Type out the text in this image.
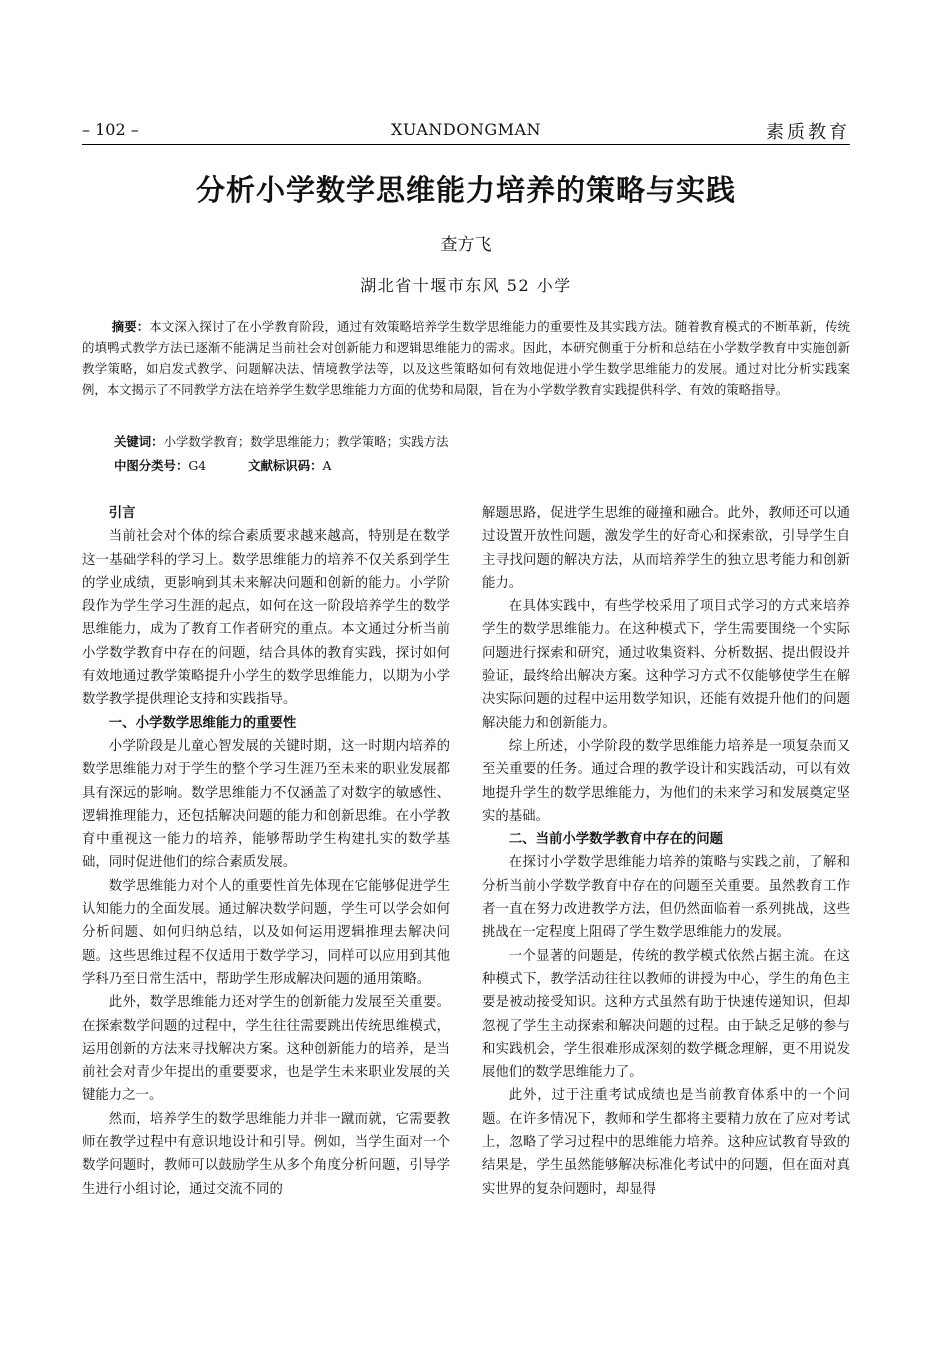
– 102 –	XUANDONGMAN	素质教育
分析小学数学思维能力培养的策略与实践
查方飞
湖北省十堰市东风 52 小学

摘要：本文深入探讨了在小学教育阶段，通过有效策略培养学生数学思维能力的重要性及其实践方法。随着教育模式的不断革新，传统的填鸭式教学方法已逐渐不能满足当前社会对创新能力和逻辑思维能力的需求。因此，本研究侧重于分析和总结在小学数学教育中实施创新教学策略，如启发式教学、问题解决法、情境教学法等，以及这些策略如何有效地促进小学生数学思维能力的发展。通过对比分析实践案例，本文揭示了不同教学方法在培养学生数学思维能力方面的优势和局限，旨在为小学数学教育实践提供科学、有效的策略指导。

关键词：小学数学教育；数学思维能力；教学策略；实践方法
中图分类号：G4	文献标识码：A
引言

当前社会对个体的综合素质要求越来越高，特别是在数学这一基础学科的学习上。数学思维能力的培养不仅关系到学生的学业成绩，更影响到其未来解决问题和创新的能力。小学阶段作为学生学习生涯的起点，如何在这一阶段培养学生的数学思维能力，成为了教育工作者研究的重点。本文通过分析当前小学数学教育中存在的问题，结合具体的教育实践，探讨如何有效地通过教学策略提升小学生的数学思维能力，以期为小学数学教学提供理论支持和实践指导。

一、小学数学思维能力的重要性

小学阶段是儿童心智发展的关键时期，这一时期内培养的数学思维能力对于学生的整个学习生涯乃至未来的职业发展都具有深远的影响。数学思维能力不仅涵盖了对数字的敏感性、逻辑推理能力，还包括解决问题的能力和创新思维。在小学教育中重视这一能力的培养，能够帮助学生构建扎实的数学基础，同时促进他们的综合素质发展。

数学思维能力对个人的重要性首先体现在它能够促进学生认知能力的全面发展。通过解决数学问题，学生可以学会如何分析问题、如何归纳总结，以及如何运用逻辑推理去解决问题。这些思维过程不仅适用于数学学习，同样可以应用到其他学科乃至日常生活中，帮助学生形成解决问题的通用策略。

此外，数学思维能力还对学生的创新能力发展至关重要。在探索数学问题的过程中，学生往往需要跳出传统思维模式，运用创新的方法来寻找解决方案。这种创新能力的培养，是当前社会对青少年提出的重要要求，也是学生未来职业发展的关键能力之一。

然而，培养学生的数学思维能力并非一蹴而就，它需要教师在教学过程中有意识地设计和引导。例如，当学生面对一个数学问题时，教师可以鼓励学生从多个角度分析问题，引导学生进行小组讨论，通过交流不同的

解题思路，促进学生思维的碰撞和融合。此外，教师还可以通过设置开放性问题，激发学生的好奇心和探索欲，引导学生自主寻找问题的解决方法，从而培养学生的独立思考能力和创新能力。

在具体实践中，有些学校采用了项目式学习的方式来培养学生的数学思维能力。在这种模式下，学生需要围绕一个实际问题进行探索和研究，通过收集资料、分析数据、提出假设并验证，最终给出解决方案。这种学习方式不仅能够使学生在解决实际问题的过程中运用数学知识，还能有效提升他们的问题解决能力和创新能力。

综上所述，小学阶段的数学思维能力培养是一项复杂而又至关重要的任务。通过合理的教学设计和实践活动，可以有效地提升学生的数学思维能力，为他们的未来学习和发展奠定坚实的基础。

二、当前小学数学教育中存在的问题

在探讨小学数学思维能力培养的策略与实践之前，了解和分析当前小学数学教育中存在的问题至关重要。虽然教育工作者一直在努力改进教学方法，但仍然面临着一系列挑战，这些挑战在一定程度上阻碍了学生数学思维能力的发展。

一个显著的问题是，传统的教学模式依然占据主流。在这种模式下，教学活动往往以教师的讲授为中心，学生的角色主要是被动接受知识。这种方式虽然有助于快速传递知识，但却忽视了学生主动探索和解决问题的过程。由于缺乏足够的参与和实践机会，学生很难形成深刻的数学概念理解，更不用说发展他们的数学思维能力了。

此外，过于注重考试成绩也是当前教育体系中的一个问题。在许多情况下，教师和学生都将主要精力放在了应对考试上，忽略了学习过程中的思维能力培养。这种应试教育导致的结果是，学生虽然能够解决标准化考试中的问题，但在面对真实世界的复杂问题时，却显得
